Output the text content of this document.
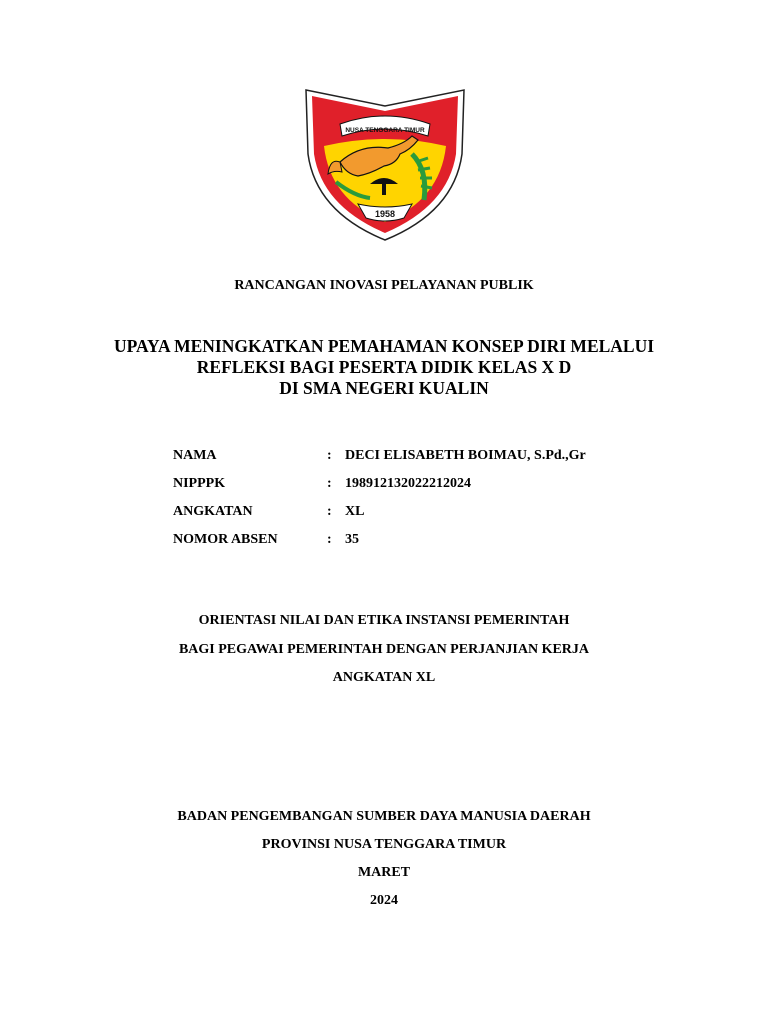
NUSA TENGGARA TIMUR
1958
RANCANGAN INOVASI PELAYANAN PUBLIK
UPAYA MENINGKATKAN PEMAHAMAN KONSEP DIRI MELALUI
REFLEKSI BAGI PESERTA DIDIK KELAS X D
DI SMA NEGERI KUALIN
NAMA	: DECI ELISABETH BOIMAU, S.Pd.,Gr
NIPPPK	: 198912132022212024
ANGKATAN	: XL
NOMOR ABSEN	: 35
ORIENTASI NILAI DAN ETIKA INSTANSI PEMERINTAH
BAGI PEGAWAI PEMERINTAH DENGAN PERJANJIAN KERJA
ANGKATAN XL
BADAN PENGEMBANGAN SUMBER DAYA MANUSIA DAERAH
PROVINSI NUSA TENGGARA TIMUR
MARET
2024
